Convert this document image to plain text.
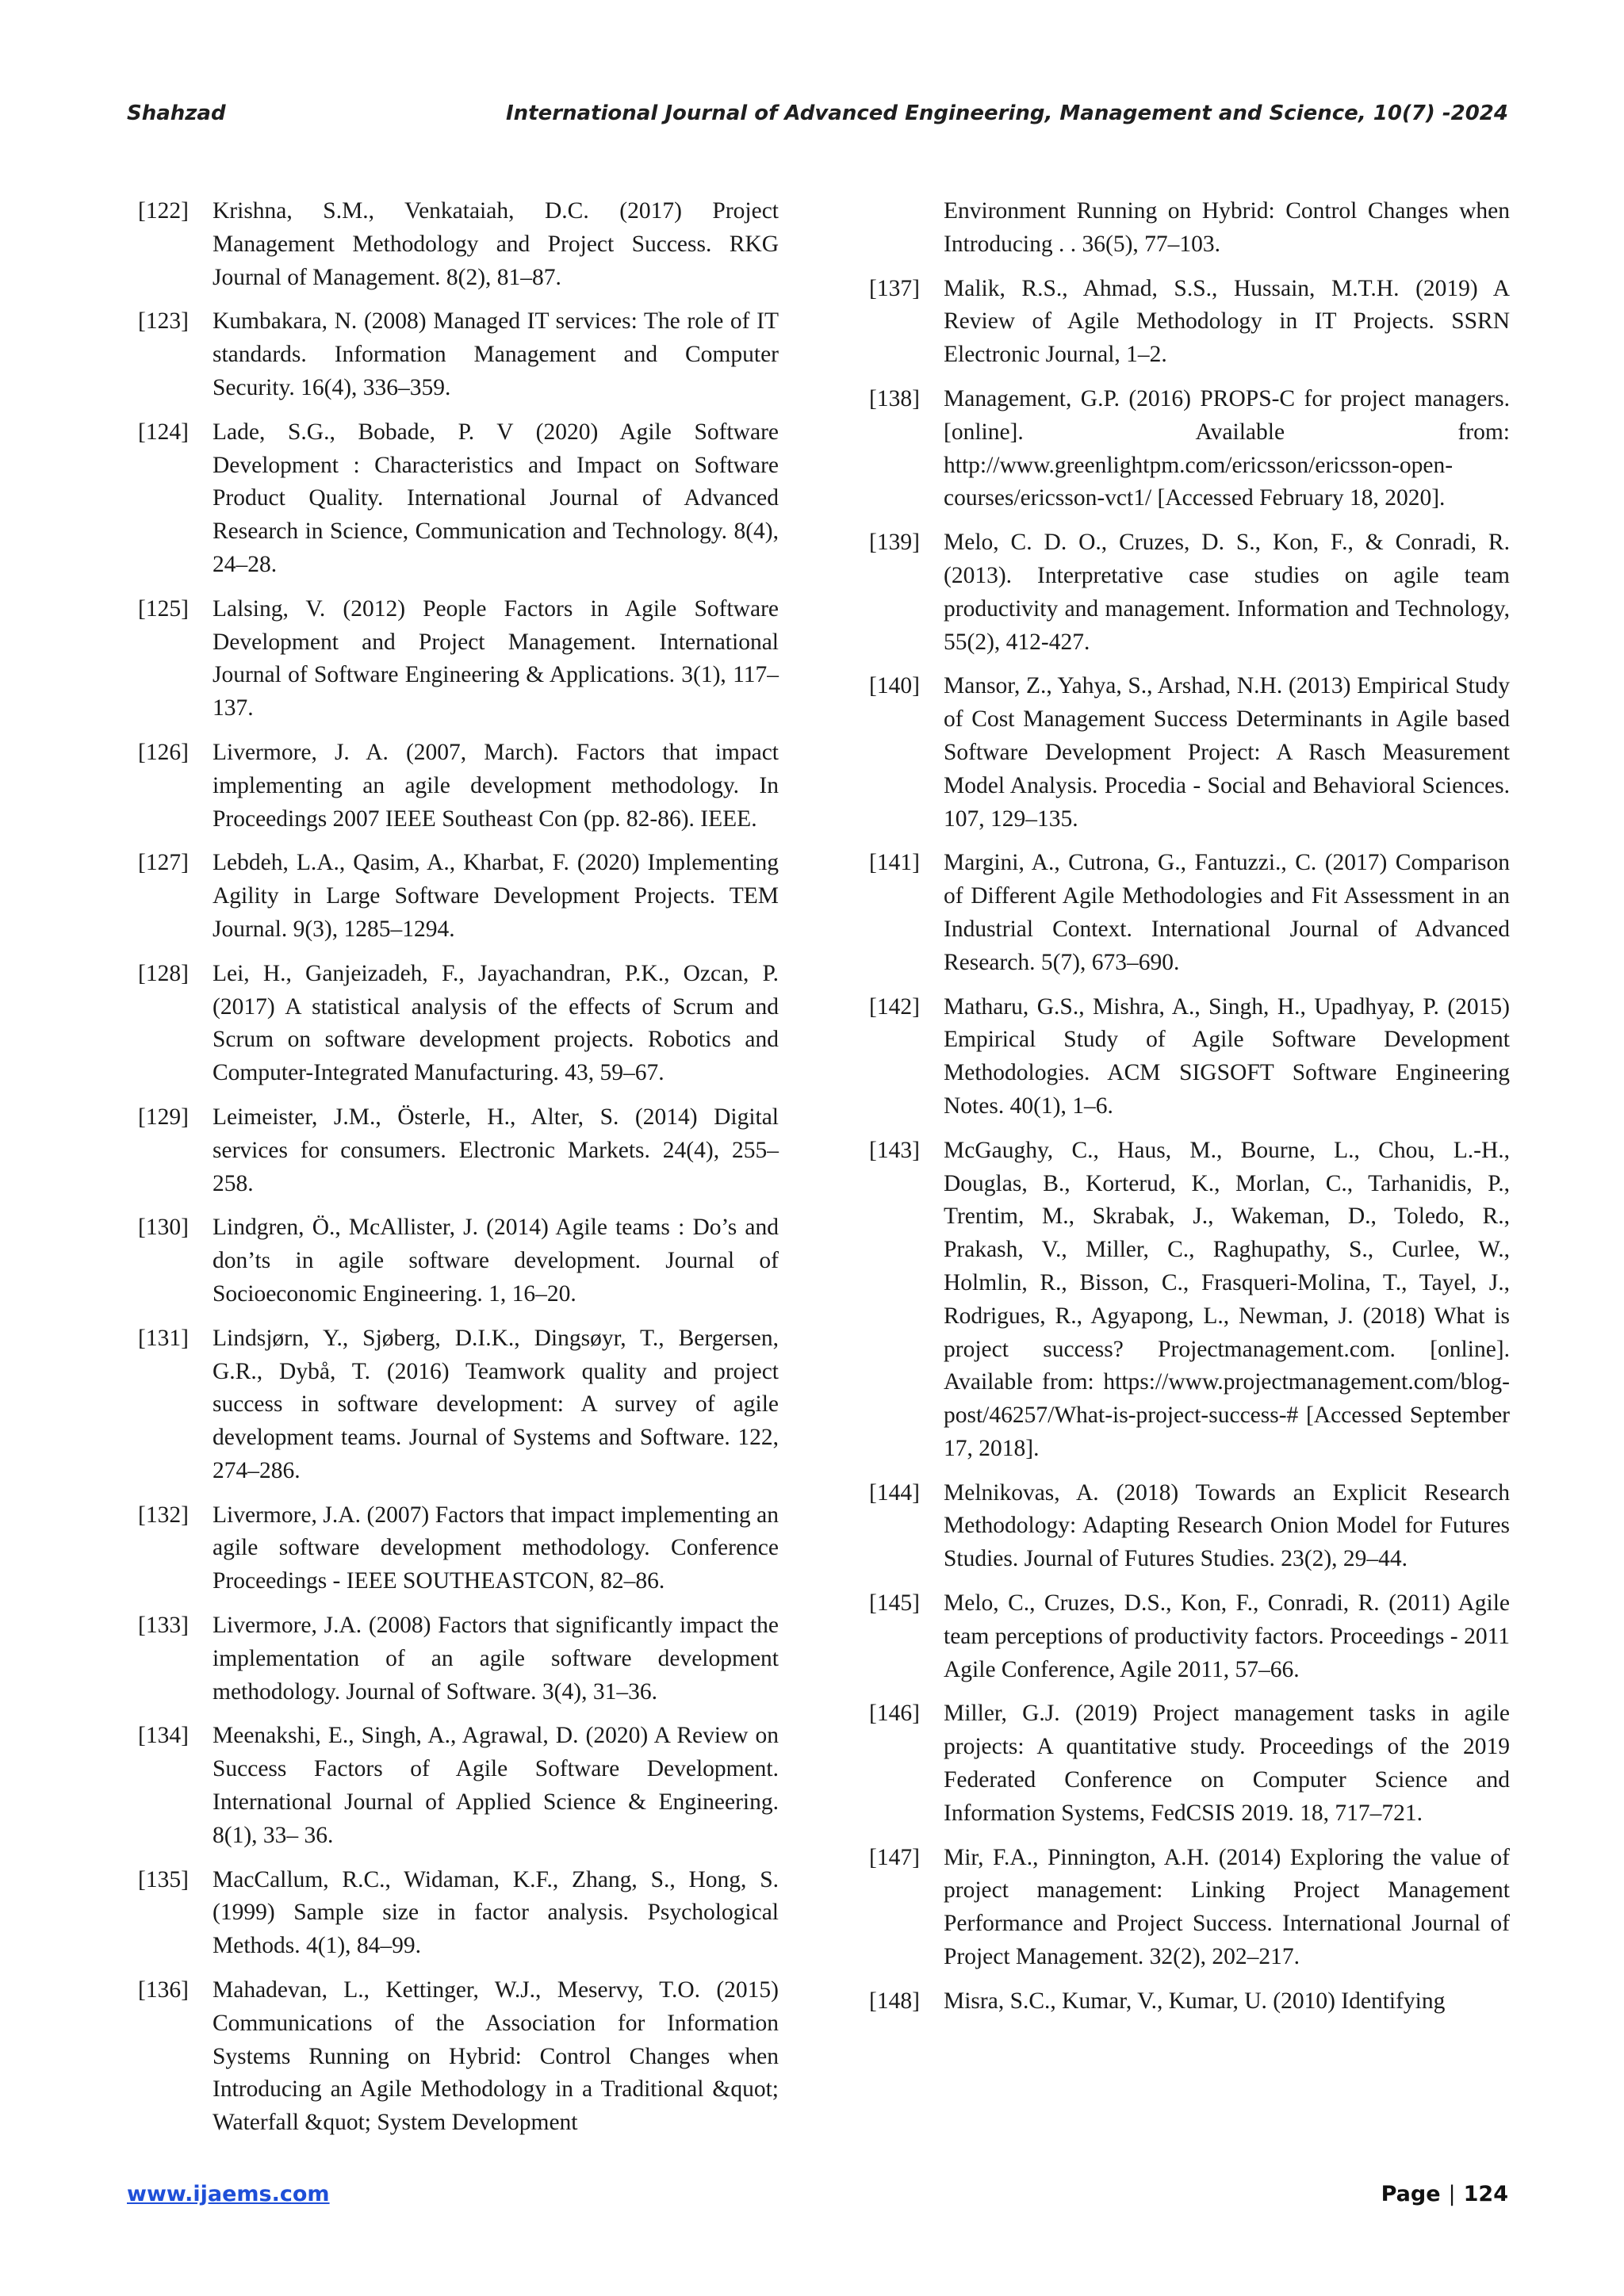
Shahzad	International Journal of Advanced Engineering, Management and Science, 10(7) -2024
[122] Krishna, S.M., Venkataiah, D.C. (2017) Project Management Methodology and Project Success. RKG Journal of Management. 8(2), 81–87.
[123] Kumbakara, N. (2008) Managed IT services: The role of IT standards. Information Management and Computer Security. 16(4), 336–359.
[124] Lade, S.G., Bobade, P. V (2020) Agile Software Development : Characteristics and Impact on Software Product Quality. International Journal of Advanced Research in Science, Communication and Technology. 8(4), 24–28.
[125] Lalsing, V. (2012) People Factors in Agile Software Development and Project Management. International Journal of Software Engineering & Applications. 3(1), 117– 137.
[126] Livermore, J. A. (2007, March). Factors that impact implementing an agile development methodology. In Proceedings 2007 IEEE Southeast Con (pp. 82-86). IEEE.
[127] Lebdeh, L.A., Qasim, A., Kharbat, F. (2020) Implementing Agility in Large Software Development Projects. TEM Journal. 9(3), 1285–1294.
[128] Lei, H., Ganjeizadeh, F., Jayachandran, P.K., Ozcan, P. (2017) A statistical analysis of the effects of Scrum and Scrum on software development projects. Robotics and Computer-Integrated Manufacturing. 43, 59–67.
[129] Leimeister, J.M., Österle, H., Alter, S. (2014) Digital services for consumers. Electronic Markets. 24(4), 255–258.
[130] Lindgren, Ö., McAllister, J. (2014) Agile teams : Do’s and don’ts in agile software development. Journal of Socioeconomic Engineering. 1, 16–20.
[131] Lindsjørn, Y., Sjøberg, D.I.K., Dingsøyr, T., Bergersen, G.R., Dybå, T. (2016) Teamwork quality and project success in software development: A survey of agile development teams. Journal of Systems and Software. 122, 274–286.
[132] Livermore, J.A. (2007) Factors that impact implementing an agile software development methodology. Conference Proceedings - IEEE SOUTHEASTCON, 82–86.
[133] Livermore, J.A. (2008) Factors that significantly impact the implementation of an agile software development methodology. Journal of Software. 3(4), 31–36.
[134] Meenakshi, E., Singh, A., Agrawal, D. (2020) A Review on Success Factors of Agile Software Development. International Journal of Applied Science & Engineering. 8(1), 33– 36.
[135] MacCallum, R.C., Widaman, K.F., Zhang, S., Hong, S. (1999) Sample size in factor analysis. Psychological Methods. 4(1), 84–99.
[136] Mahadevan, L., Kettinger, W.J., Meservy, T.O. (2015) Communications of the Association for Information Systems Running on Hybrid: Control Changes when Introducing an Agile Methodology in a Traditional &quot; Waterfall &quot; System Development
Environment Running on Hybrid: Control Changes when Introducing . . 36(5), 77–103.
[137] Malik, R.S., Ahmad, S.S., Hussain, M.T.H. (2019) A Review of Agile Methodology in IT Projects. SSRN Electronic Journal, 1–2.
[138] Management, G.P. (2016) PROPS-C for project managers. [online]. Available from: http://www.greenlightpm.com/ericsson/ericsson-open-courses/ericsson-vct1/ [Accessed February 18, 2020].
[139] Melo, C. D. O., Cruzes, D. S., Kon, F., & Conradi, R. (2013). Interpretative case studies on agile team productivity and management. Information and Technology, 55(2), 412-427.
[140] Mansor, Z., Yahya, S., Arshad, N.H. (2013) Empirical Study of Cost Management Success Determinants in Agile based Software Development Project: A Rasch Measurement Model Analysis. Procedia - Social and Behavioral Sciences. 107, 129–135.
[141] Margini, A., Cutrona, G., Fantuzzi., C. (2017) Comparison of Different Agile Methodologies and Fit Assessment in an Industrial Context. International Journal of Advanced Research. 5(7), 673–690.
[142] Matharu, G.S., Mishra, A., Singh, H., Upadhyay, P. (2015) Empirical Study of Agile Software Development Methodologies. ACM SIGSOFT Software Engineering Notes. 40(1), 1–6.
[143] McGaughy, C., Haus, M., Bourne, L., Chou, L.-H., Douglas, B., Korterud, K., Morlan, C., Tarhanidis, P., Trentim, M., Skrabak, J., Wakeman, D., Toledo, R., Prakash, V., Miller, C., Raghupathy, S., Curlee, W., Holmlin, R., Bisson, C., Frasqueri-Molina, T., Tayel, J., Rodrigues, R., Agyapong, L., Newman, J. (2018) What is project success? Projectmanagement.com. [online]. Available from: https://www.projectmanagement.com/blog-post/46257/What-is-project-success-# [Accessed September 17, 2018].
[144] Melnikovas, A. (2018) Towards an Explicit Research Methodology: Adapting Research Onion Model for Futures Studies. Journal of Futures Studies. 23(2), 29–44.
[145] Melo, C., Cruzes, D.S., Kon, F., Conradi, R. (2011) Agile team perceptions of productivity factors. Proceedings - 2011 Agile Conference, Agile 2011, 57–66.
[146] Miller, G.J. (2019) Project management tasks in agile projects: A quantitative study. Proceedings of the 2019 Federated Conference on Computer Science and Information Systems, FedCSIS 2019. 18, 717–721.
[147] Mir, F.A., Pinnington, A.H. (2014) Exploring the value of project management: Linking Project Management Performance and Project Success. International Journal of Project Management. 32(2), 202–217.
[148] Misra, S.C., Kumar, V., Kumar, U. (2010) Identifying
www.ijaems.com	Page | 124
